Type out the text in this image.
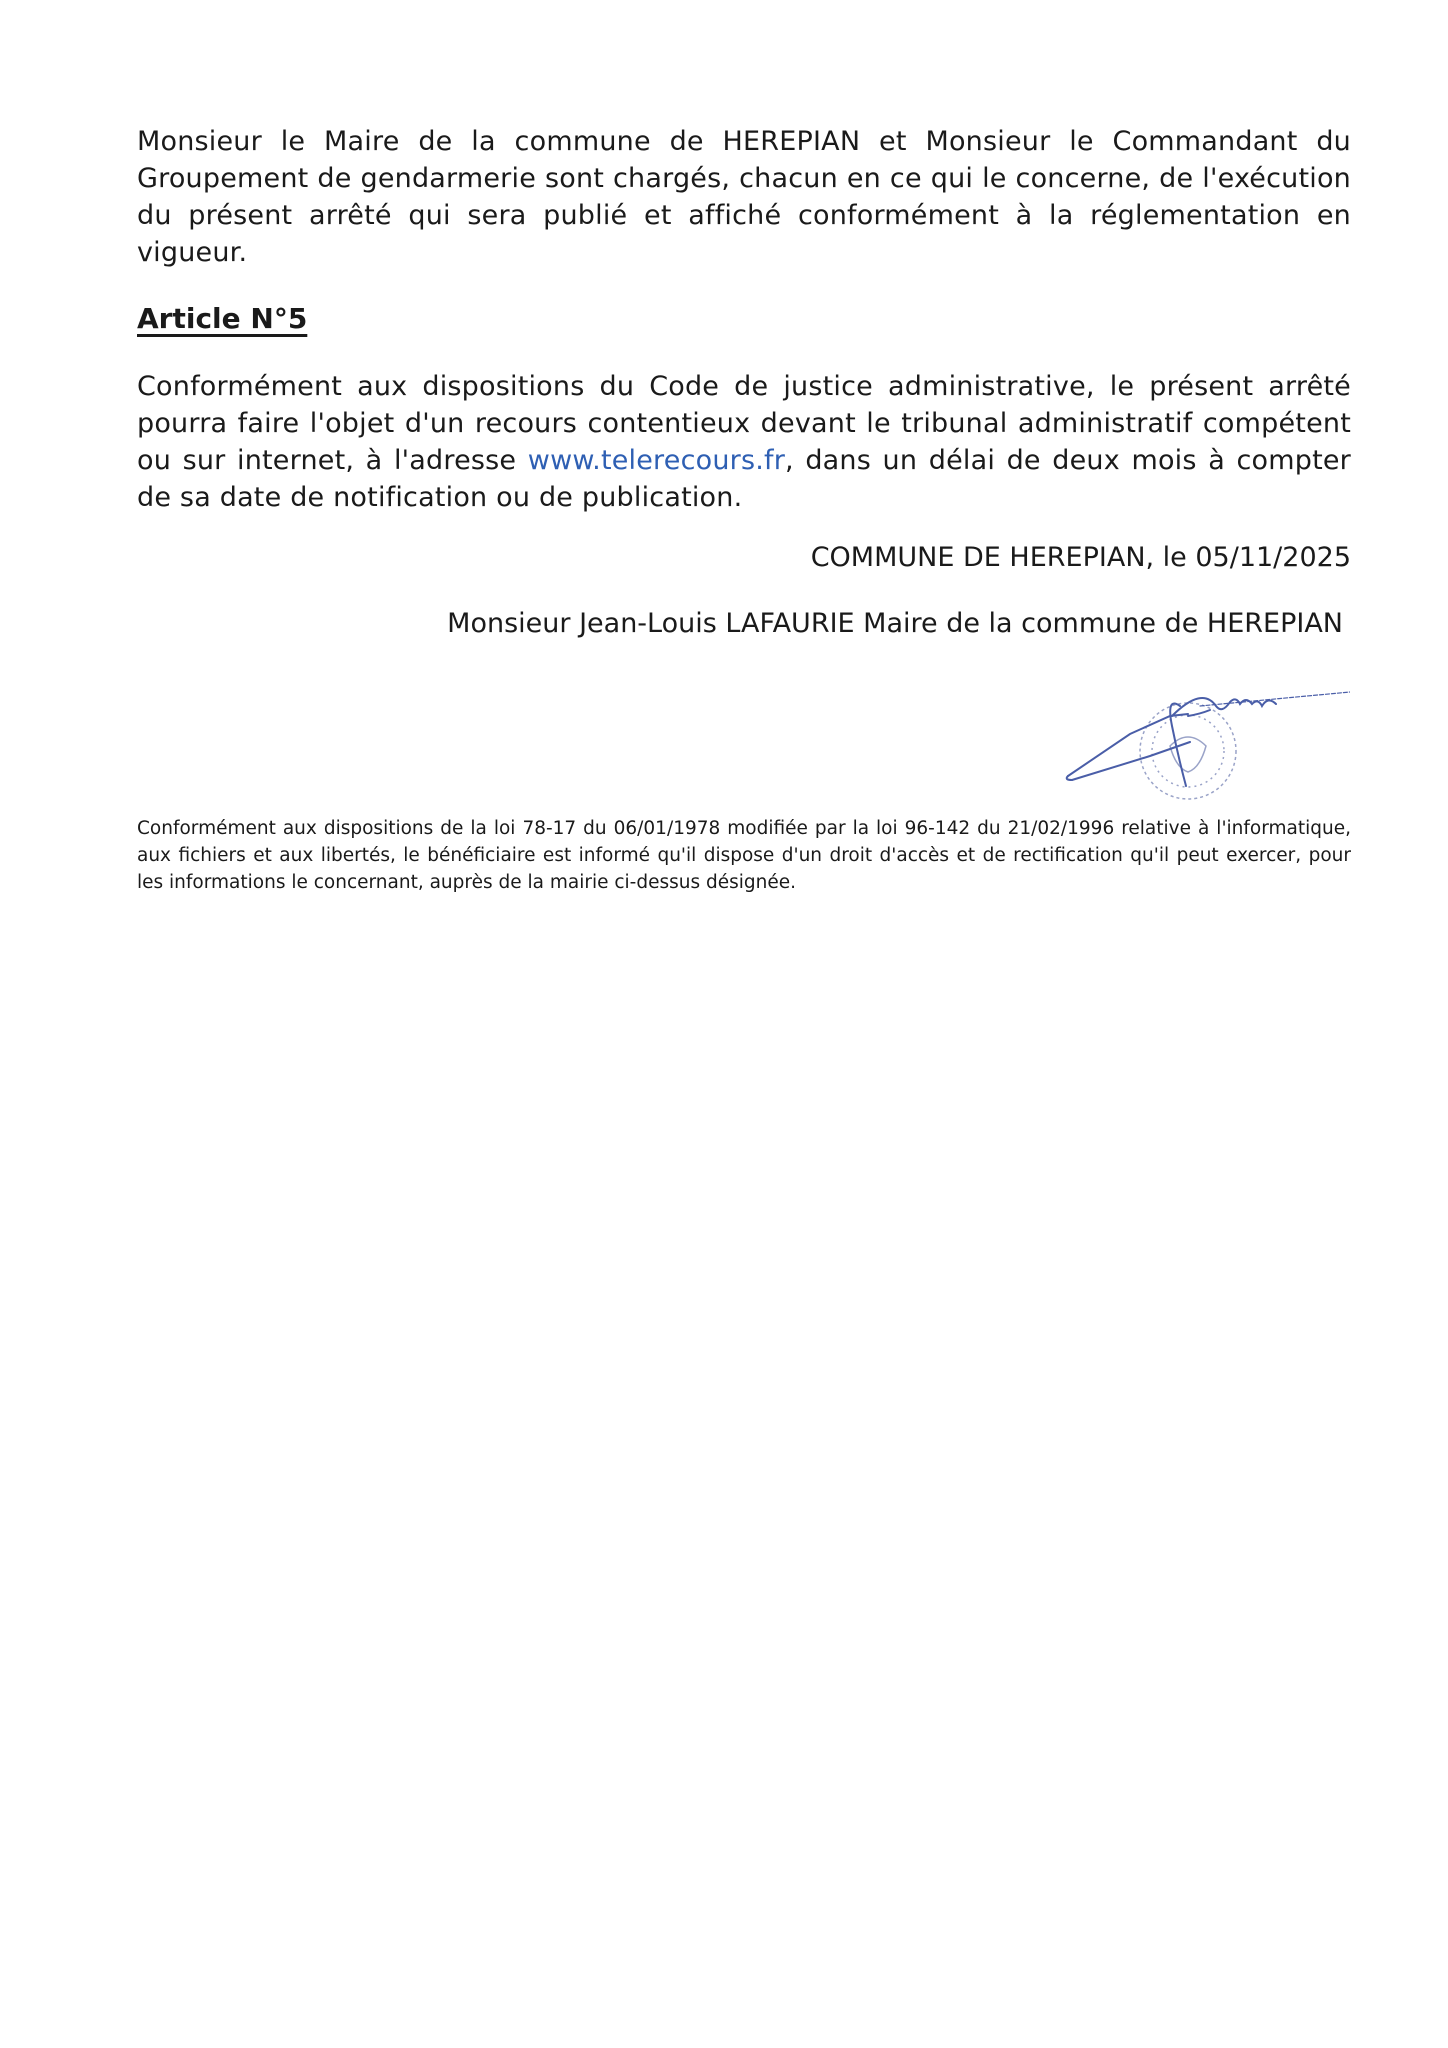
Monsieur le Maire de la commune de HEREPIAN et Monsieur le Commandant du Groupement de gendarmerie sont chargés, chacun en ce qui le concerne, de l'exécution du présent arrêté qui sera publié et affiché conformément à la réglementation en vigueur.

Article N°5

Conformément aux dispositions du Code de justice administrative, le présent arrêté pourra faire l'objet d'un recours contentieux devant le tribunal administratif compétent ou sur internet, à l'adresse www.telerecours.fr, dans un délai de deux mois à compter de sa date de notification ou de publication.

COMMUNE DE HEREPIAN, le 05/11/2025

Monsieur Jean-Louis LAFAURIE Maire de la commune de HEREPIAN

Conformément aux dispositions de la loi 78-17 du 06/01/1978 modifiée par la loi 96-142 du 21/02/1996 relative à l'informatique, aux fichiers et aux libertés, le bénéficiaire est informé qu'il dispose d'un droit d'accès et de rectification qu'il peut exercer, pour les informations le concernant, auprès de la mairie ci-dessus désignée.
